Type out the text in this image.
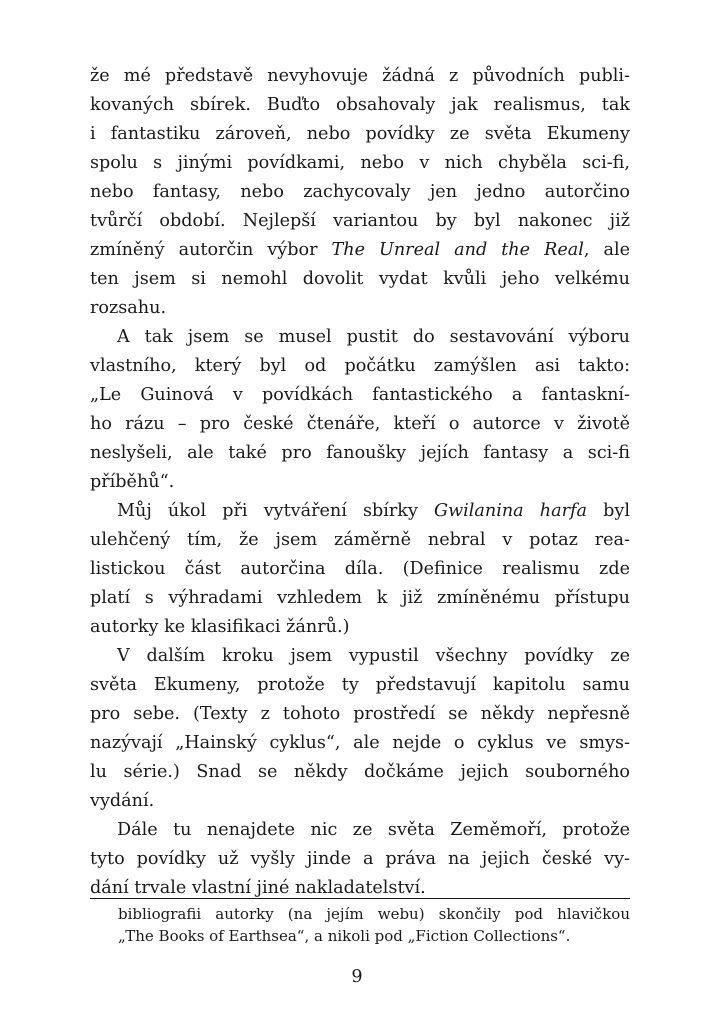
že mé představě nevyhovuje žádná z původních publi-
kovaných sbírek. Buďto obsahovaly jak realismus, tak
i fantastiku zároveň, nebo povídky ze světa Ekumeny
spolu s jinými povídkami, nebo v nich chyběla sci-fi,
nebo fantasy, nebo zachycovaly jen jedno autorčino
tvůrčí období. Nejlepší variantou by byl nakonec již
zmíněný autorčin výbor The Unreal and the Real, ale
ten jsem si nemohl dovolit vydat kvůli jeho velkému
rozsahu.
A tak jsem se musel pustit do sestavování výboru
vlastního, který byl od počátku zamýšlen asi takto:
„Le Guinová v povídkách fantastického a fantaskní-
ho rázu – pro české čtenáře, kteří o autorce v životě
neslyšeli, ale také pro fanoušky jejích fantasy a sci-fi
příběhů“.
Můj úkol při vytváření sbírky Gwilanina harfa byl
ulehčený tím, že jsem záměrně nebral v potaz rea-
listickou část autorčina díla. (Definice realismu zde
platí s výhradami vzhledem k již zmíněnému přístupu
autorky ke klasifikaci žánrů.)
V dalším kroku jsem vypustil všechny povídky ze
světa Ekumeny, protože ty představují kapitolu samu
pro sebe. (Texty z tohoto prostředí se někdy nepřesně
nazývají „Hainský cyklus“, ale nejde o cyklus ve smys-
lu série.) Snad se někdy dočkáme jejich souborného
vydání.
Dále tu nenajdete nic ze světa Zeměmoří, protože
tyto povídky už vyšly jinde a práva na jejich české vy-
dání trvale vlastní jiné nakladatelství.
bibliografii autorky (na jejím webu) skončily pod hlavičkou
„The Books of Earthsea“, a nikoli pod „Fiction Collections“.
9
